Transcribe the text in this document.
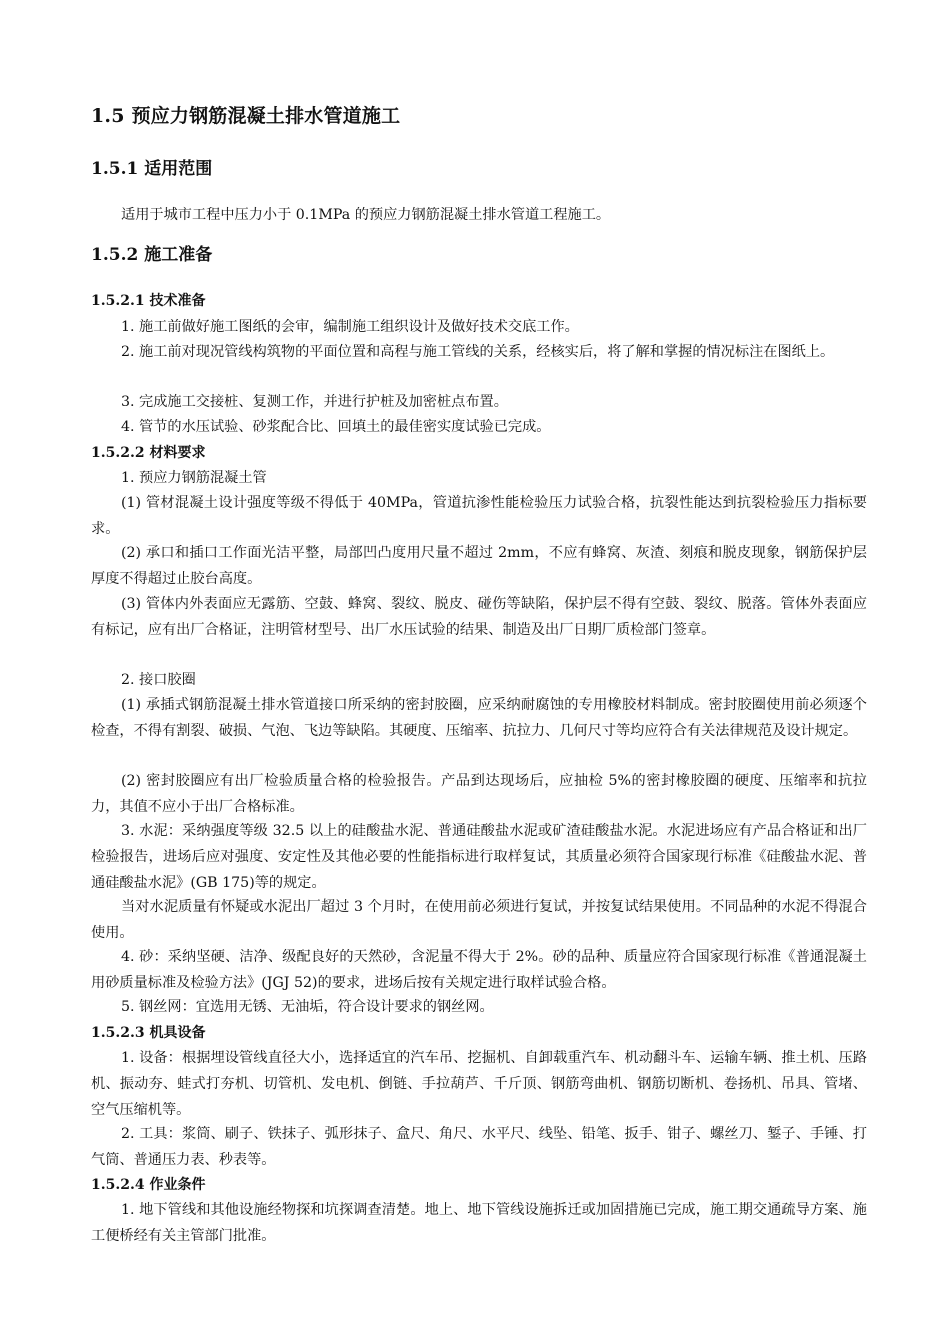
1.5 预应力钢筋混凝土排水管道施工
1.5.1 适用范围

适用于城市工程中压力小于 0.1MPa 的预应力钢筋混凝土排水管道工程施工。

1.5.2 施工准备
1.5.2.1 技术准备

1. 施工前做好施工图纸的会审，编制施工组织设计及做好技术交底工作。

2. 施工前对现况管线构筑物的平面位置和高程与施工管线的关系，经核实后，将了解和掌握的情况标注在图纸上。

3. 完成施工交接桩、复测工作，并进行护桩及加密桩点布置。

4. 管节的水压试验、砂浆配合比、回填土的最佳密实度试验已完成。

1.5.2.2 材料要求

1. 预应力钢筋混凝土管

(1) 管材混凝土设计强度等级不得低于 40MPa，管道抗渗性能检验压力试验合格，抗裂性能达到抗裂检验压力指标要求。

(2) 承口和插口工作面光洁平整，局部凹凸度用尺量不超过 2mm，不应有蜂窝、灰渣、刻痕和脱皮现象，钢筋保护层厚度不得超过止胶台高度。

(3) 管体内外表面应无露筋、空鼓、蜂窝、裂纹、脱皮、碰伤等缺陷，保护层不得有空鼓、裂纹、脱落。管体外表面应有标记，应有出厂合格证，注明管材型号、出厂水压试验的结果、制造及出厂日期厂质检部门签章。

2. 接口胶圈

(1) 承插式钢筋混凝土排水管道接口所采纳的密封胶圈，应采纳耐腐蚀的专用橡胶材料制成。密封胶圈使用前必须逐个检查，不得有割裂、破损、气泡、飞边等缺陷。其硬度、压缩率、抗拉力、几何尺寸等均应符合有关法律规范及设计规定。

(2) 密封胶圈应有出厂检验质量合格的检验报告。产品到达现场后，应抽检 5%的密封橡胶圈的硬度、压缩率和抗拉力，其值不应小于出厂合格标准。

3. 水泥：采纳强度等级 32.5 以上的硅酸盐水泥、普通硅酸盐水泥或矿渣硅酸盐水泥。水泥进场应有产品合格证和出厂检验报告，进场后应对强度、安定性及其他必要的性能指标进行取样复试，其质量必须符合国家现行标准《硅酸盐水泥、普通硅酸盐水泥》(GB 175)等的规定。

当对水泥质量有怀疑或水泥出厂超过 3 个月时，在使用前必须进行复试，并按复试结果使用。不同品种的水泥不得混合使用。

4. 砂：采纳坚硬、洁净、级配良好的天然砂，含泥量不得大于 2%。砂的品种、质量应符合国家现行标准《普通混凝土用砂质量标准及检验方法》(JGJ 52)的要求，进场后按有关规定进行取样试验合格。

5. 钢丝网：宜选用无锈、无油垢，符合设计要求的钢丝网。

1.5.2.3 机具设备

1. 设备：根据埋设管线直径大小，选择适宜的汽车吊、挖掘机、自卸载重汽车、机动翻斗车、运输车辆、推土机、压路机、振动夯、蛙式打夯机、切管机、发电机、倒链、手拉葫芦、千斤顶、钢筋弯曲机、钢筋切断机、卷扬机、吊具、管堵、空气压缩机等。

2. 工具：浆筒、刷子、铁抹子、弧形抹子、盒尺、角尺、水平尺、线坠、铅笔、扳手、钳子、螺丝刀、錾子、手锤、打气筒、普通压力表、秒表等。

1.5.2.4 作业条件

1. 地下管线和其他设施经物探和坑探调查清楚。地上、地下管线设施拆迁或加固措施已完成，施工期交通疏导方案、施工便桥经有关主管部门批准。
